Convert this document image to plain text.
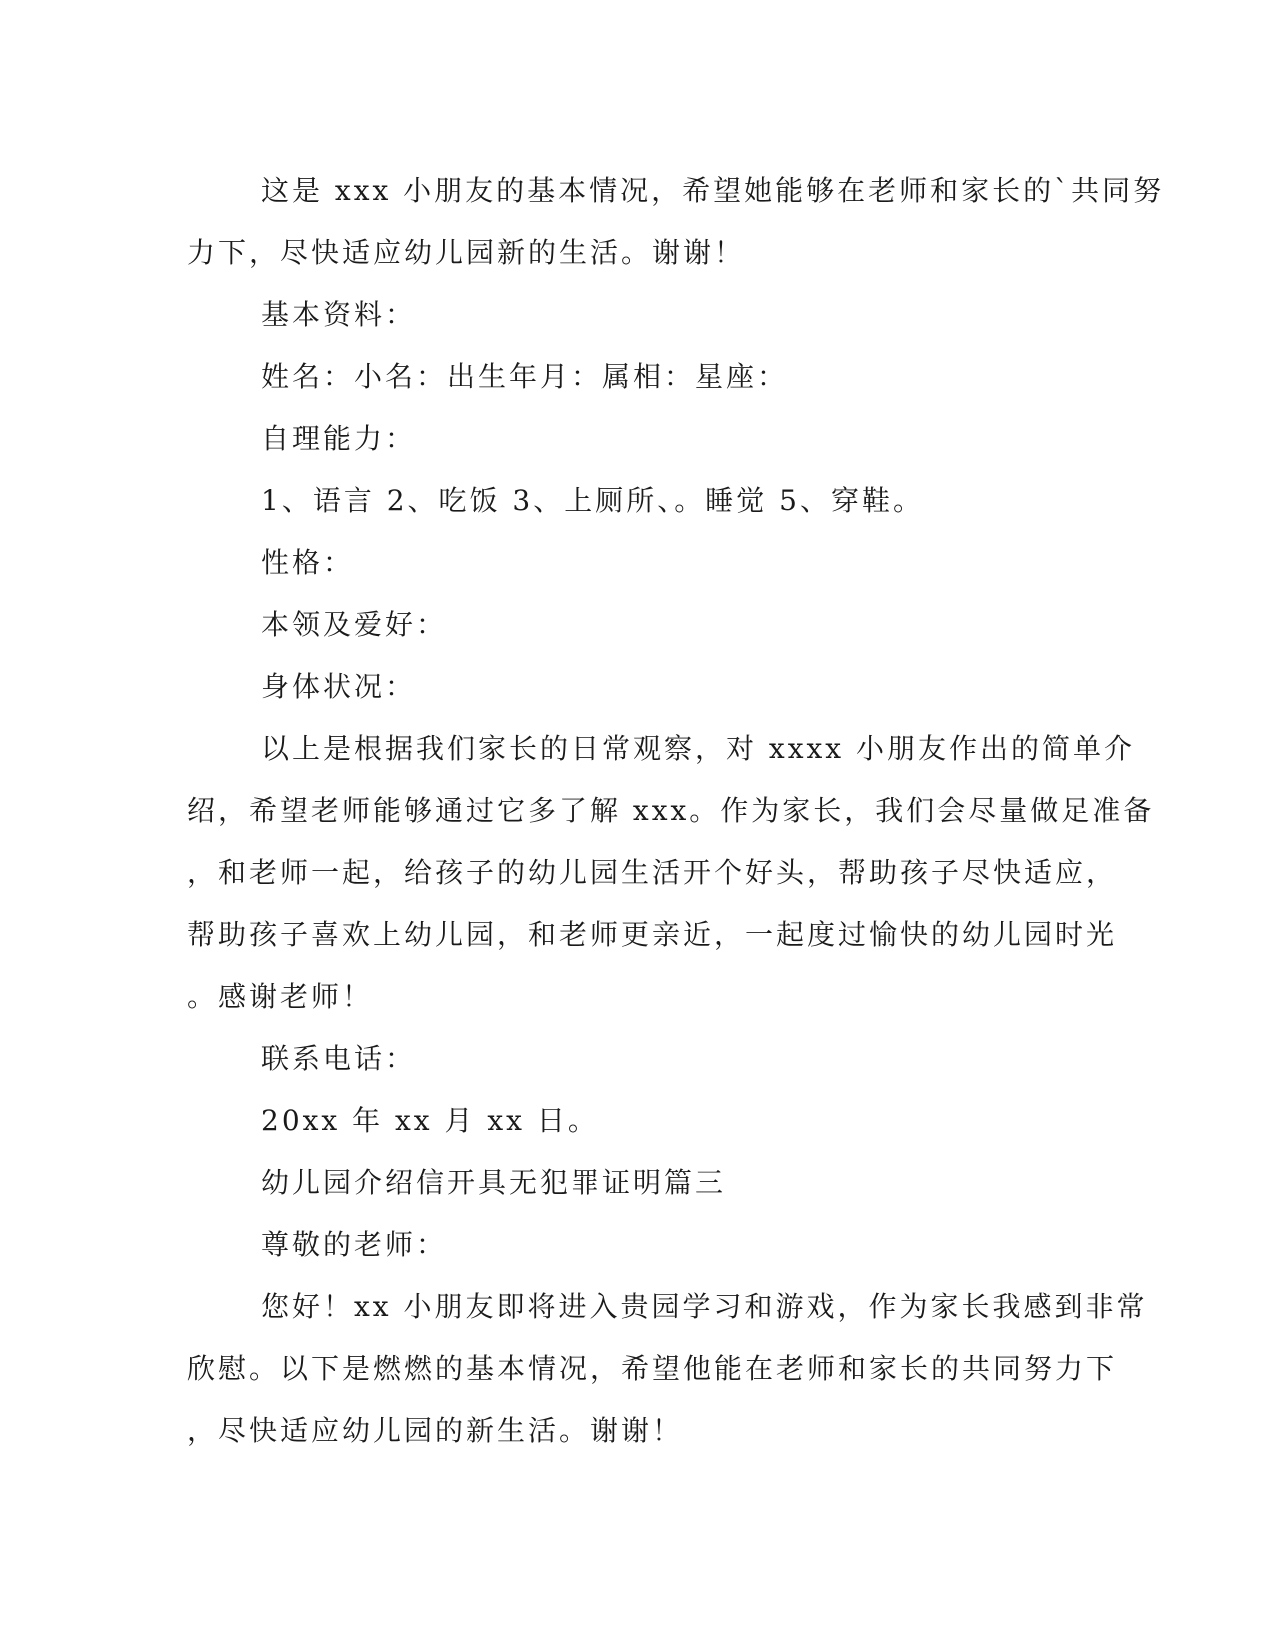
这是 xxx 小朋友的基本情况，希望她能够在老师和家长的`共同努
力下，尽快适应幼儿园新的生活。谢谢！
基本资料：
姓名：小名：出生年月：属相：星座：
自理能力：
1、语言 2、吃饭 3、上厕所、。睡觉 5、穿鞋。
性格：
本领及爱好：
身体状况：
以上是根据我们家长的日常观察，对 xxxx 小朋友作出的简单介
绍，希望老师能够通过它多了解 xxx。作为家长，我们会尽量做足准备
，和老师一起，给孩子的幼儿园生活开个好头，帮助孩子尽快适应，
帮助孩子喜欢上幼儿园，和老师更亲近，一起度过愉快的幼儿园时光
。感谢老师！
联系电话：
20xx 年 xx 月 xx 日。
幼儿园介绍信开具无犯罪证明篇三
尊敬的老师：
您好！xx 小朋友即将进入贵园学习和游戏，作为家长我感到非常
欣慰。以下是燃燃的基本情况，希望他能在老师和家长的共同努力下
，尽快适应幼儿园的新生活。谢谢！
